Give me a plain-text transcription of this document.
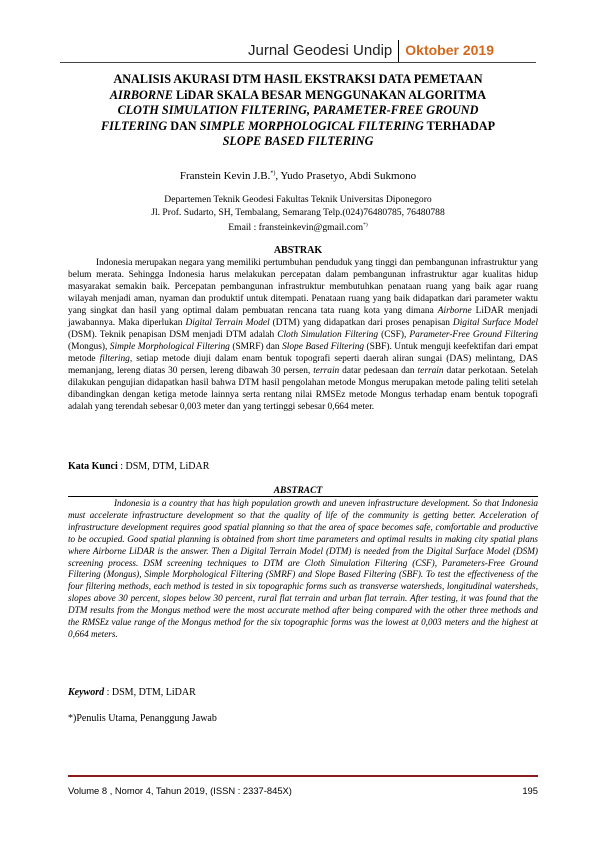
Jurnal Geodesi Undip Oktober 2019
ANALISIS AKURASI DTM HASIL EKSTRAKSI DATA PEMETAAN
AIRBORNE LiDAR SKALA BESAR MENGGUNAKAN ALGORITMA
CLOTH SIMULATION FILTERING, PARAMETER-FREE GROUND
FILTERING DAN SIMPLE MORPHOLOGICAL FILTERING TERHADAP
SLOPE BASED FILTERING
Franstein Kevin J.B.*), Yudo Prasetyo, Abdi Sukmono
Departemen Teknik Geodesi Fakultas Teknik Universitas Diponegoro
Jl. Prof. Sudarto, SH, Tembalang, Semarang Telp.(024)76480785, 76480788
Email : fransteinkevin@gmail.com*)
ABSTRAK

Indonesia merupakan negara yang memiliki pertumbuhan penduduk yang tinggi dan pembangunan infrastruktur yang belum merata. Sehingga Indonesia harus melakukan percepatan dalam pembangunan infrastruktur agar kualitas hidup masyarakat semakin baik. Percepatan pembangunan infrastruktur membutuhkan penataan ruang yang baik agar ruang wilayah menjadi aman, nyaman dan produktif untuk ditempati. Penataan ruang yang baik didapatkan dari parameter waktu yang singkat dan hasil yang optimal dalam pembuatan rencana tata ruang kota yang dimana Airborne LiDAR menjadi jawabannya. Maka diperlukan Digital Terrain Model (DTM) yang didapatkan dari proses penapisan Digital Surface Model (DSM). Teknik penapisan DSM menjadi DTM adalah Cloth Simulation Filtering (CSF), Parameter-Free Ground Filtering (Mongus), Simple Morphological Filtering (SMRF) dan Slope Based Filtering (SBF). Untuk menguji keefektifan dari empat metode filtering, setiap metode diuji dalam enam bentuk topografi seperti daerah aliran sungai (DAS) melintang, DAS memanjang, lereng diatas 30 persen, lereng dibawah 30 persen, terrain datar pedesaan dan terrain datar perkotaan. Setelah dilakukan pengujian didapatkan hasil bahwa DTM hasil pengolahan metode Mongus merupakan metode paling teliti setelah dibandingkan dengan ketiga metode lainnya serta rentang nilai RMSEz metode Mongus terhadap enam bentuk topografi adalah yang terendah sebesar 0,003 meter dan yang tertinggi sebesar 0,664 meter.

Kata Kunci : DSM, DTM, LiDAR
ABSTRACT

Indonesia is a country that has high population growth and uneven infrastructure development. So that Indonesia must accelerate infrastructure development so that the quality of life of the community is getting better. Acceleration of infrastructure development requires good spatial planning so that the area of space becomes safe, comfortable and productive to be occupied. Good spatial planning is obtained from short time parameters and optimal results in making city spatial plans where Airborne LiDAR is the answer. Then a Digital Terrain Model (DTM) is needed from the Digital Surface Model (DSM) screening process. DSM screening techniques to DTM are Cloth Simulation Filtering (CSF), Parameters-Free Ground Filtering (Mongus), Simple Morphological Filtering (SMRF) and Slope Based Filtering (SBF). To test the effectiveness of the four filtering methods, each method is tested in six topographic forms such as transverse watersheds, longitudinal watersheds, slopes above 30 percent, slopes below 30 percent, rural flat terrain and urban flat terrain. After testing, it was found that the DTM results from the Mongus method were the most accurate method after being compared with the other three methods and the RMSEz value range of the Mongus method for the six topographic forms was the lowest at 0,003 meters and the highest at 0,664 meters.

Keyword : DSM, DTM, LiDAR
*)Penulis Utama, Penanggung Jawab
Volume 8 , Nomor 4, Tahun 2019, (ISSN : 2337-845X)	195
